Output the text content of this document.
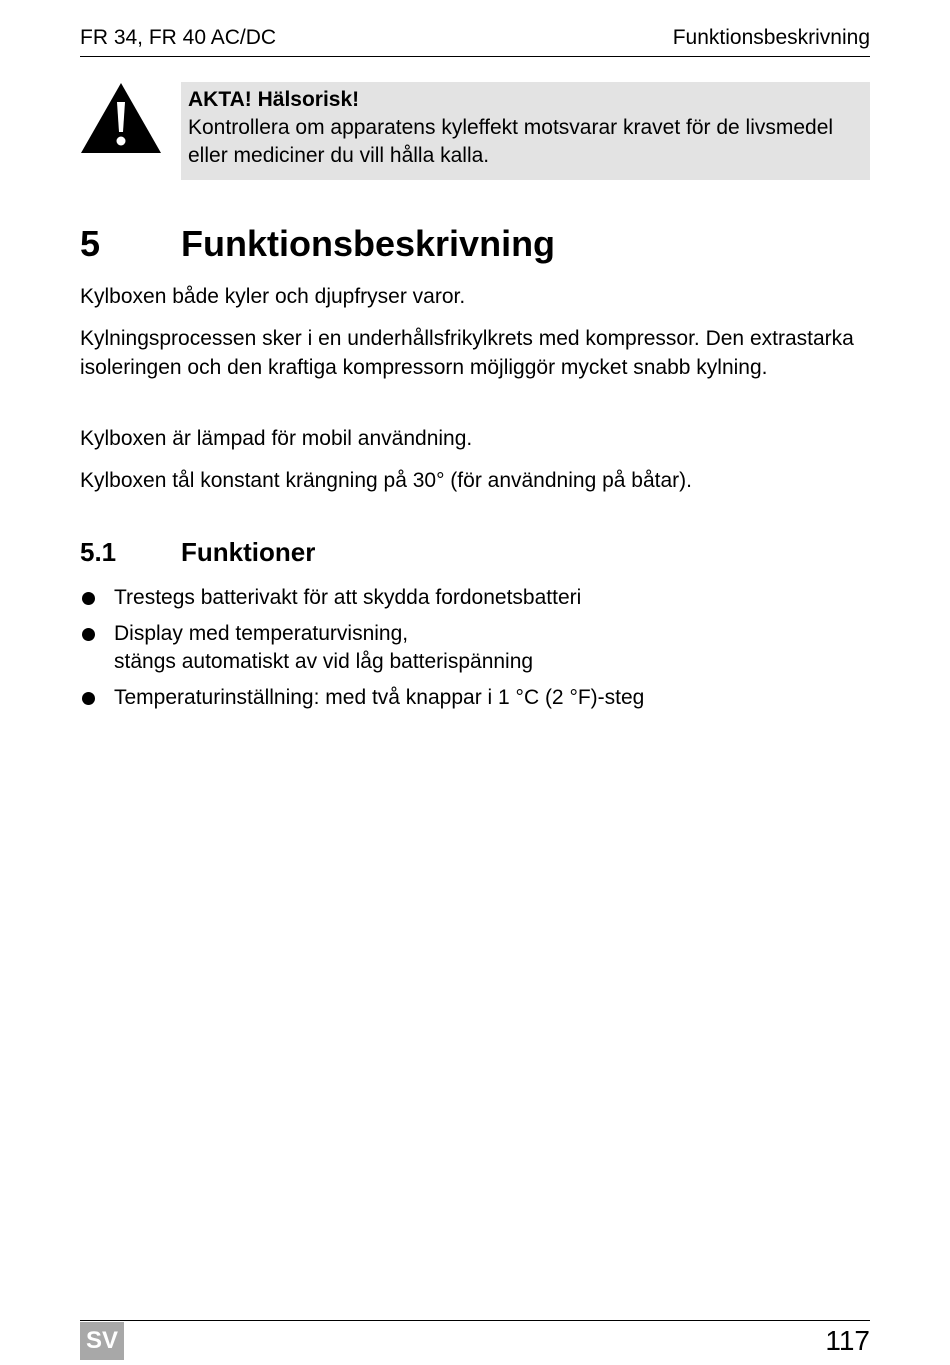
FR 34, FR 40 AC/DC	Funktionsbeskrivning
AKTA! Hälsorisk!
Kontrollera om apparatens kyleffekt motsvarar kravet för de livsmedel eller mediciner du vill hålla kalla.
5 Funktionsbeskrivning
Kylboxen både kyler och djupfryser varor.
Kylningsprocessen sker i en underhållsfrikylkrets med kompressor. Den extrastarka isoleringen och den kraftiga kompressorn möjliggör mycket snabb kylning.
Kylboxen är lämpad för mobil användning.
Kylboxen tål konstant krängning på 30° (för användning på båtar).
5.1 Funktioner
Trestegs batterivakt för att skydda fordonetsbatteri
Display med temperaturvisning,
stängs automatiskt av vid låg batterispänning
Temperaturinställning: med två knappar i 1 °C (2 °F)-steg
SV	117
